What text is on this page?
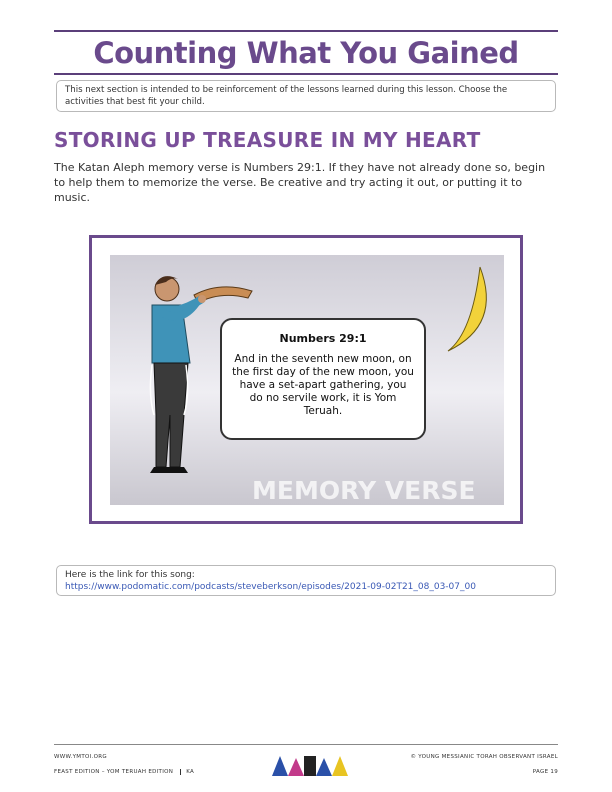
Counting What You Gained
This next section is intended to be reinforcement of the lessons learned during this lesson. Choose the activities that best fit your child.
STORING UP TREASURE IN MY HEART
The Katan Aleph memory verse is Numbers 29:1. If they have not already done so, begin to help them to memorize the verse. Be creative and try acting it out, or putting it to music.
Numbers 29:1
And in the seventh new moon, on the first day of the new moon, you have a set-apart gathering, you do no servile work, it is Yom Teruah.
MEMORY VERSE
Here is the link for this song:
https://www.podomatic.com/podcasts/steveberkson/episodes/2021-09-02T21_08_03-07_00
WWW.YMTOI.ORG
FEAST EDITION – YOM TERUAH EDITION KA
© YOUNG MESSIANIC TORAH OBSERVANT ISRAEL
PAGE 19
